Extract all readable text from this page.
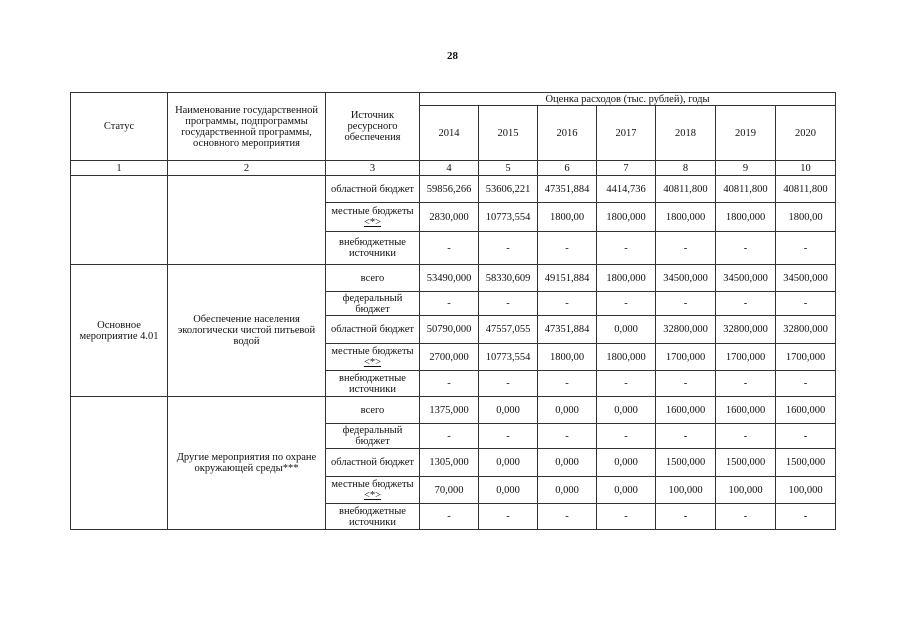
28
Статус	Наименование государственной программы, подпрограммы государственной программы, основного мероприятия	Источник ресурсного обеспечения	Оценка расходов (тыс. рублей), годы						
			2014	2015	2016	2017	2018	2019	2020
1	2	3	4	5	6	7	8	9	10
		областной бюджет	59856,266	53606,221	47351,884	4414,736	40811,800	40811,800	40811,800
		местные бюджеты <*>	2830,000	10773,554	1800,00	1800,000	1800,000	1800,000	1800,00
		внебюджетные источники	-	-	-	-	-	-	-
Основное мероприятие 4.01	Обеспечение населения экологически чистой питьевой водой	всего	53490,000	58330,609	49151,884	1800,000	34500,000	34500,000	34500,000
		федеральный бюджет	-	-	-	-	-	-	-
		областной бюджет	50790,000	47557,055	47351,884	0,000	32800,000	32800,000	32800,000
		местные бюджеты <*>	2700,000	10773,554	1800,00	1800,000	1700,000	1700,000	1700,000
		внебюджетные источники	-	-	-	-	-	-	-
	Другие мероприятия по охране окружающей среды***	всего	1375,000	0,000	0,000	0,000	1600,000	1600,000	1600,000
		федеральный бюджет	-	-	-	-	-	-	-
		областной бюджет	1305,000	0,000	0,000	0,000	1500,000	1500,000	1500,000
		местные бюджеты <*>	70,000	0,000	0,000	0,000	100,000	100,000	100,000
		внебюджетные источники	-	-	-	-	-	-	-
